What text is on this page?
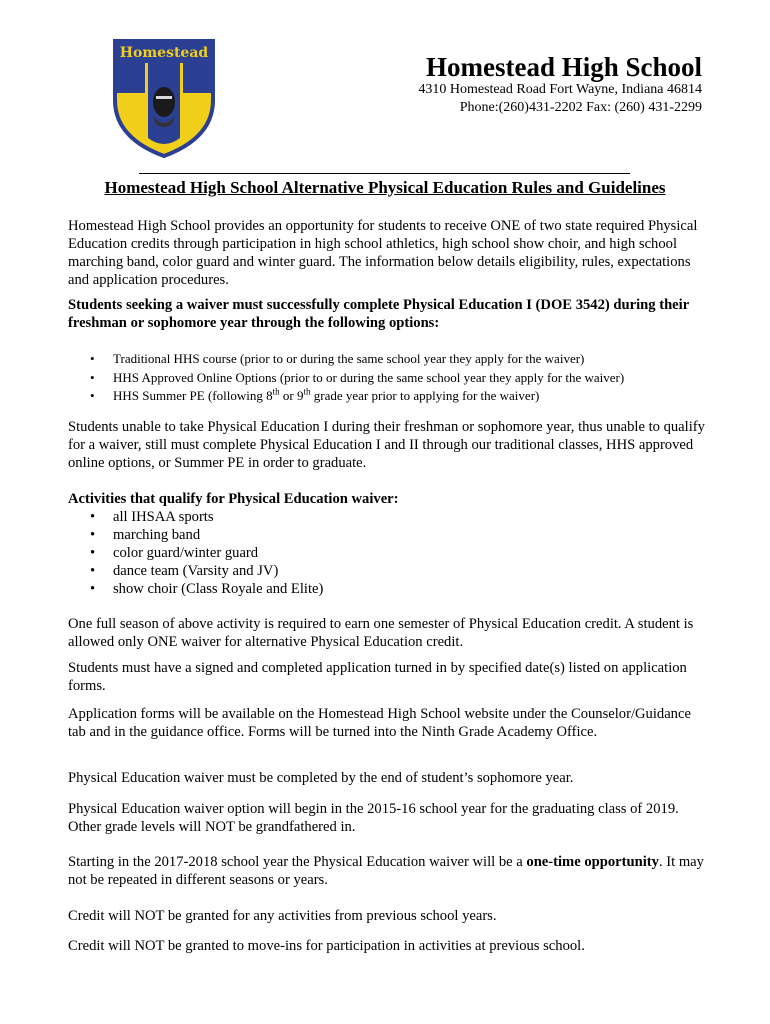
Homestead	Homestead High School
4310 Homestead Road Fort Wayne, Indiana 46814
Phone:(260)431-2202 Fax: (260) 431-2299
Homestead High School Alternative Physical Education Rules and Guidelines
Homestead High School provides an opportunity for students to receive ONE of two state required Physical Education credits through participation in high school athletics, high school show choir, and high school marching band, color guard and winter guard. The information below details eligibility, rules, expectations and application procedures.
Students seeking a waiver must successfully complete Physical Education I (DOE 3542) during their freshman or sophomore year through the following options:
• Traditional HHS course (prior to or during the same school year they apply for the waiver)
• HHS Approved Online Options (prior to or during the same school year they apply for the waiver)
• HHS Summer PE (following 8th or 9th grade year prior to applying for the waiver)
Students unable to take Physical Education I during their freshman or sophomore year, thus unable to qualify for a waiver, still must complete Physical Education I and II through our traditional classes, HHS approved online options, or Summer PE in order to graduate.
Activities that qualify for Physical Education waiver:
• all IHSAA sports
• marching band
• color guard/winter guard
• dance team (Varsity and JV)
• show choir (Class Royale and Elite)
One full season of above activity is required to earn one semester of Physical Education credit. A student is allowed only ONE waiver for alternative Physical Education credit.
Students must have a signed and completed application turned in by specified date(s) listed on application forms.
Application forms will be available on the Homestead High School website under the Counselor/Guidance tab and in the guidance office. Forms will be turned into the Ninth Grade Academy Office.
Physical Education waiver must be completed by the end of student’s sophomore year.
Physical Education waiver option will begin in the 2015-16 school year for the graduating class of 2019. Other grade levels will NOT be grandfathered in.
Starting in the 2017-2018 school year the Physical Education waiver will be a one-time opportunity. It may not be repeated in different seasons or years.
Credit will NOT be granted for any activities from previous school years.
Credit will NOT be granted to move-ins for participation in activities at previous school.
